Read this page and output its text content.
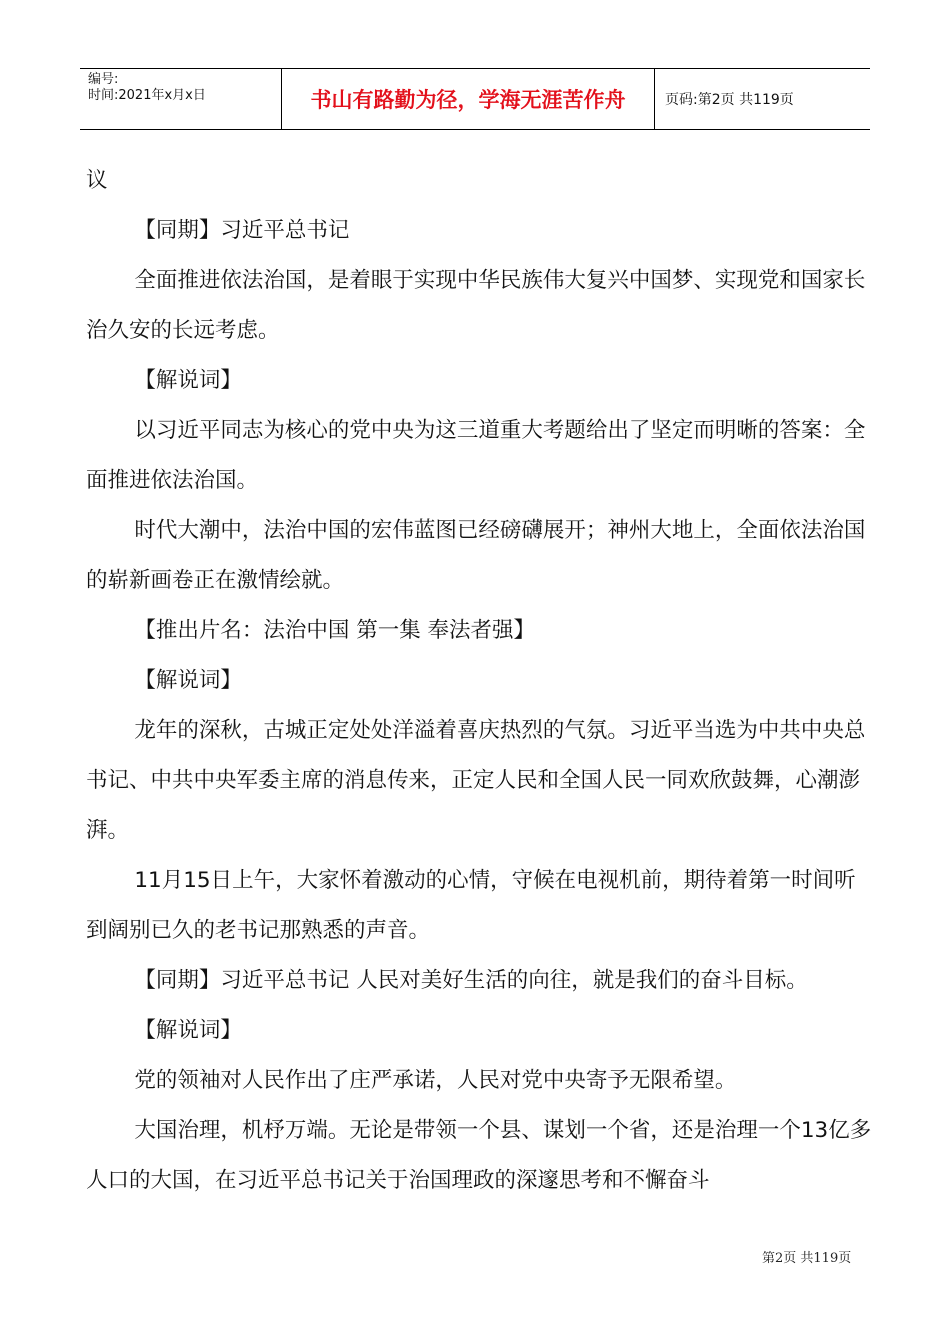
编号:
时间:2021年x月x日	书山有路勤为径，学海无涯苦作舟	页码:第2页 共119页

议

【同期】习近平总书记

全面推进依法治国，是着眼于实现中华民族伟大复兴中国梦、实现党和国家长治久安的长远考虑。

【解说词】

以习近平同志为核心的党中央为这三道重大考题给出了坚定而明晰的答案：全面推进依法治国。

时代大潮中，法治中国的宏伟蓝图已经磅礴展开；神州大地上，全面依法治国的崭新画卷正在激情绘就。

【推出片名：法治中国 第一集 奉法者强】

【解说词】

龙年的深秋，古城正定处处洋溢着喜庆热烈的气氛。习近平当选为中共中央总书记、中共中央军委主席的消息传来，正定人民和全国人民一同欢欣鼓舞，心潮澎湃。

11月15日上午，大家怀着激动的心情，守候在电视机前，期待着第一时间听到阔别已久的老书记那熟悉的声音。

【同期】习近平总书记 人民对美好生活的向往，就是我们的奋斗目标。

【解说词】

党的领袖对人民作出了庄严承诺，人民对党中央寄予无限希望。

大国治理，机杼万端。无论是带领一个县、谋划一个省，还是治理一个13亿多人口的大国，在习近平总书记关于治国理政的深邃思考和不懈奋斗

第2页 共119页
